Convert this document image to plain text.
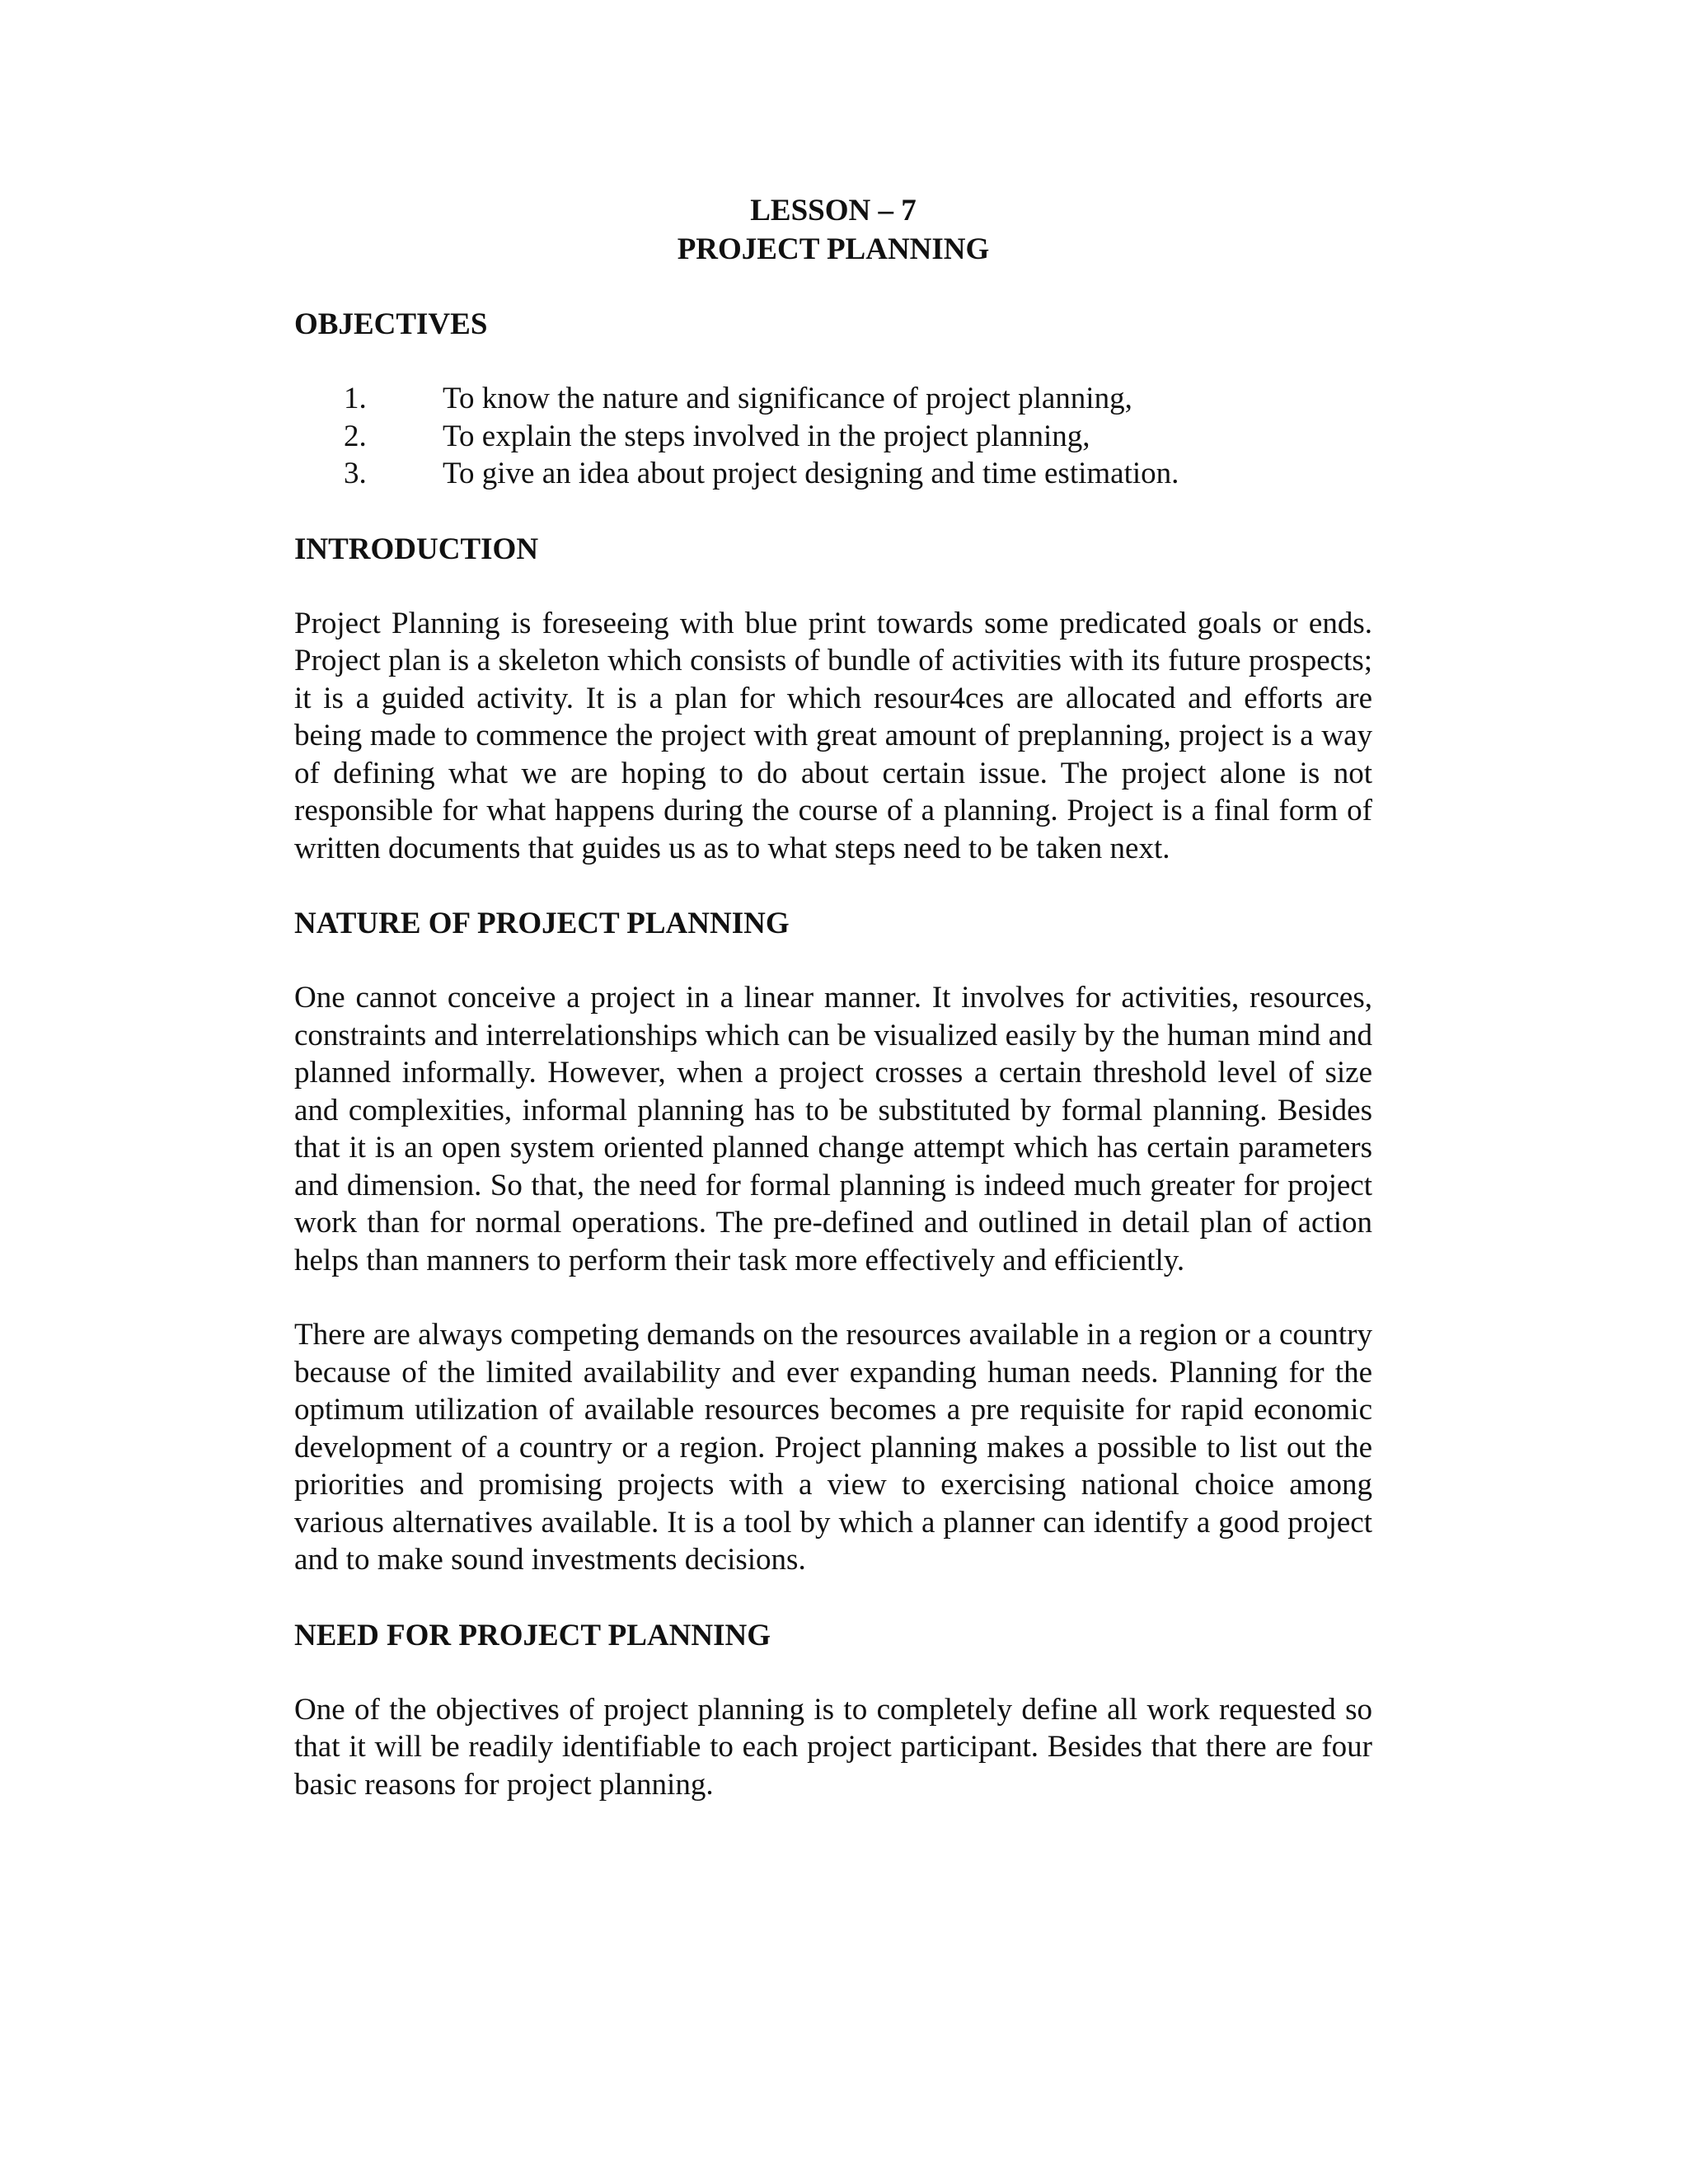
LESSON – 7
PROJECT PLANNING
OBJECTIVES
1.	To know the nature and significance of project planning,
2.	To explain the steps involved in the project planning,
3.	To give an idea about project designing and time estimation.
INTRODUCTION

Project Planning is foreseeing with blue print towards some predicated goals or ends. Project plan is a skeleton which consists of bundle of activities with its future prospects; it is a guided activity. It is a plan for which resour4ces are allocated and efforts are being made to commence the project with great amount of preplanning, project is a way of defining what we are hoping to do about certain issue. The project alone is not responsible for what happens during the course of a planning. Project is a final form of written documents that guides us as to what steps need to be taken next.

NATURE OF PROJECT PLANNING

One cannot conceive a project in a linear manner. It involves for activities, resources, constraints and interrelationships which can be visualized easily by the human mind and planned informally. However, when a project crosses a certain threshold level of size and complexities, informal planning has to be substituted by formal planning. Besides that it is an open system oriented planned change attempt which has certain parameters and dimension. So that, the need for formal planning is indeed much greater for project work than for normal operations. The pre-defined and outlined in detail plan of action helps than manners to perform their task more effectively and efficiently.

There are always competing demands on the resources available in a region or a country because of the limited availability and ever expanding human needs. Planning for the optimum utilization of available resources becomes a pre requisite for rapid economic development of a country or a region. Project planning makes a possible to list out the priorities and promising projects with a view to exercising national choice among various alternatives available. It is a tool by which a planner can identify a good project and to make sound investments decisions.

NEED FOR PROJECT PLANNING

One of the objectives of project planning is to completely define all work requested so that it will be readily identifiable to each project participant. Besides that there are four basic reasons for project planning.
